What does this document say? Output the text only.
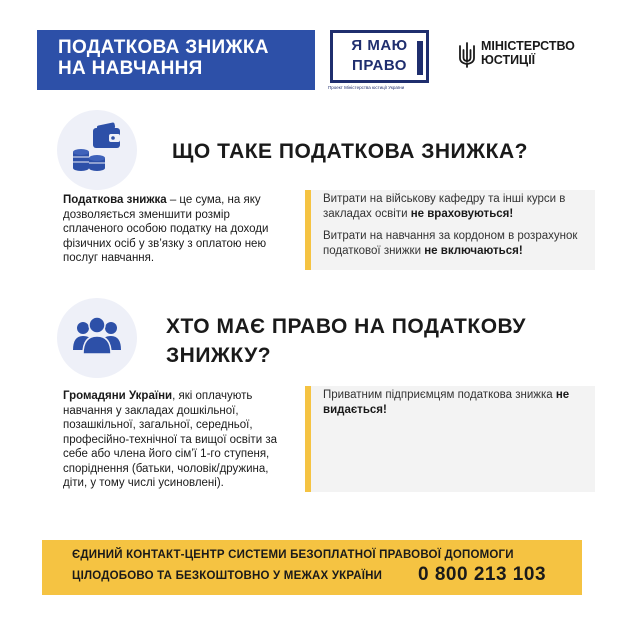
ПОДАТКОВА ЗНИЖКА
НА НАВЧАННЯ
Я МАЮ
ПРАВО
Проект Міністерства юстиції України
МІНІСТЕРСТВО
ЮСТИЦІЇ
ЩО ТАКЕ ПОДАТКОВА ЗНИЖКА?
Податкова знижка – це сума, на яку дозволяється зменшити розмір сплаченого особою податку на доходи фізичних осіб у зв’язку з оплатою нею послуг навчання.

Витрати на військову кафедру та інші курси в закладах освіти не враховуються!

Витрати на навчання за кордоном в розрахунок податкової знижки не включаються!

ХТО МАЄ ПРАВО НА ПОДАТКОВУ
ЗНИЖКУ?
Громадяни України, які оплачують навчання у закладах дошкільної, позашкільної, загальної, середньої, професійно-технічної та вищої освіти за себе або члена його сім’ї 1-го ступеня, споріднення (батьки, чоловік/дружина, діти, у тому числі усиновлені).

Приватним підприємцям податкова знижка не видається!

ЄДИНИЙ КОНТАКТ-ЦЕНТР СИСТЕМИ БЕЗОПЛАТНОЇ ПРАВОВОЇ ДОПОМОГИ
ЦІЛОДОБОВО ТА БЕЗКОШТОВНО У МЕЖАХ УКРАЇНИ 0 800 213 103
